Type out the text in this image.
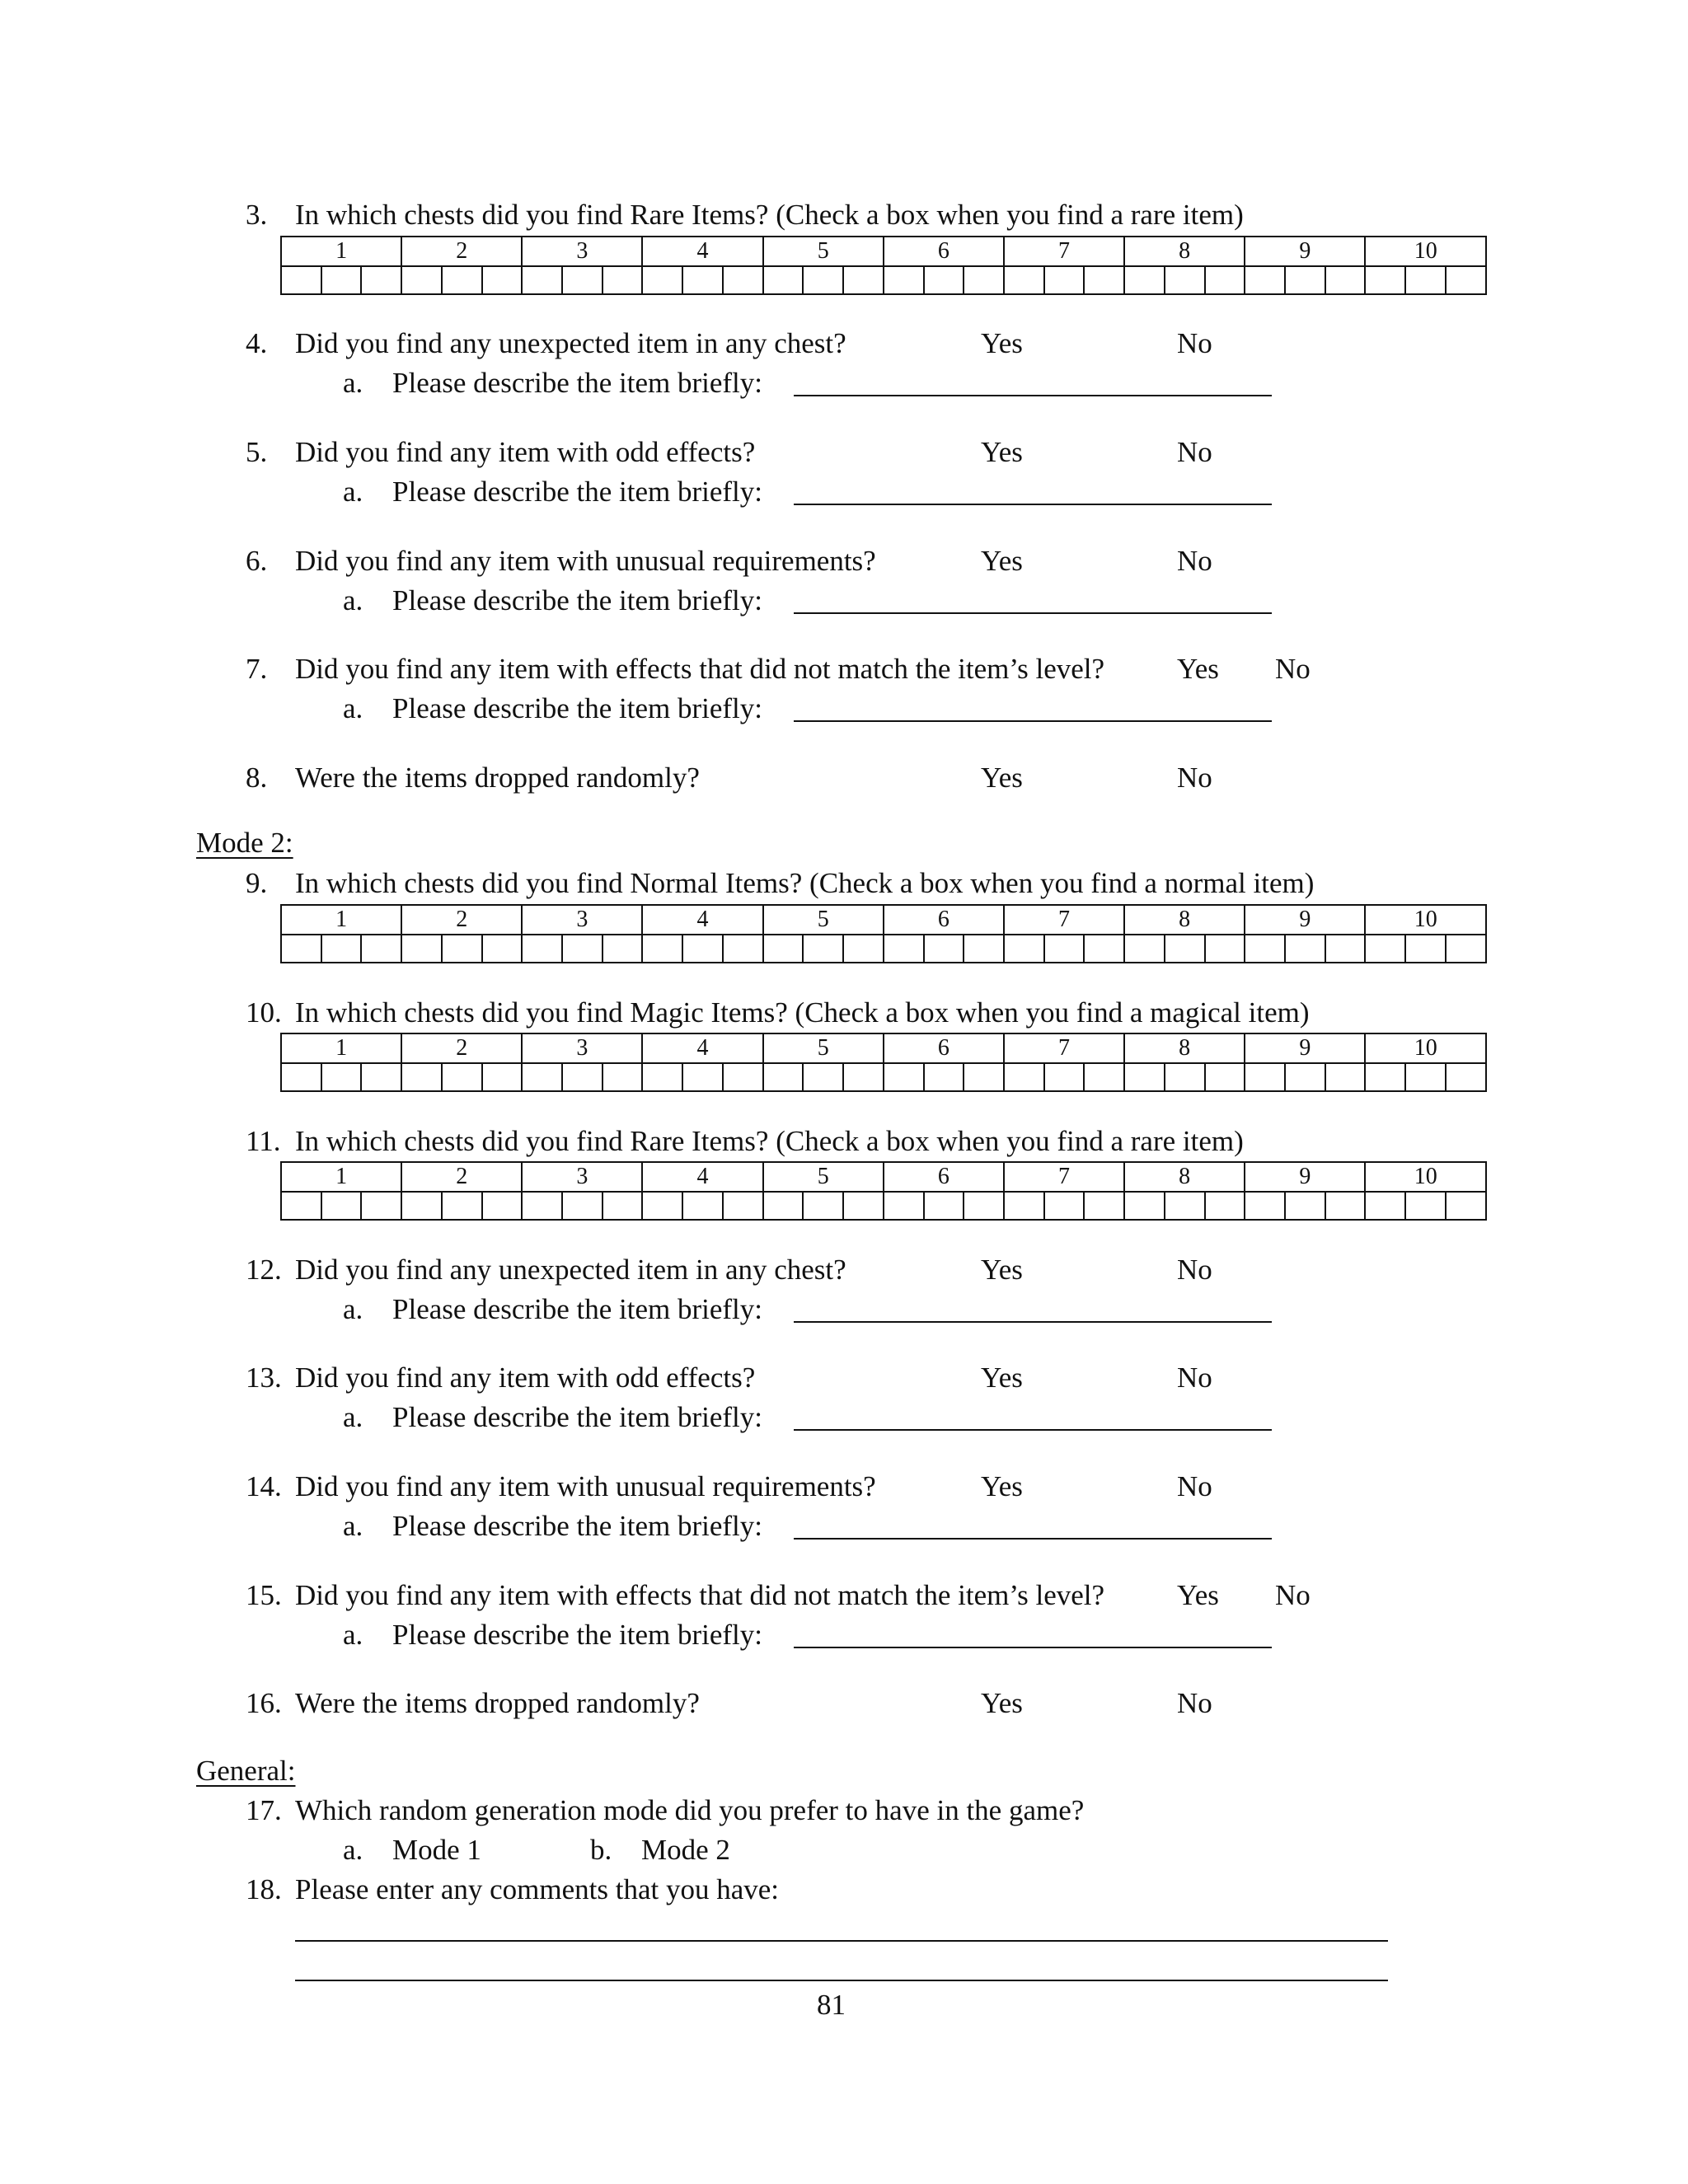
3. In which chests did you find Rare Items? (Check a box when you find a rare item)
1			2			3			4			5			6			7			8			9			10		

4. Did you find any unexpected item in any chest?	Yes	No
a. Please describe the item briefly:
5. Did you find any item with odd effects?	Yes	No
a. Please describe the item briefly:
6. Did you find any item with unusual requirements?	Yes	No
a. Please describe the item briefly:
7. Did you find any item with effects that did not match the item’s level?	Yes No
a. Please describe the item briefly:
8. Were the items dropped randomly?	Yes	No
Mode 2:
9. In which chests did you find Normal Items? (Check a box when you find a normal item)
1			2			3			4			5			6			7			8			9			10		

10. In which chests did you find Magic Items? (Check a box when you find a magical item)
1			2			3			4			5			6			7			8			9			10		

11. In which chests did you find Rare Items? (Check a box when you find a rare item)
1			2			3			4			5			6			7			8			9			10		

12. Did you find any unexpected item in any chest?	Yes	No
a. Please describe the item briefly:
13. Did you find any item with odd effects?	Yes	No
a. Please describe the item briefly:
14. Did you find any item with unusual requirements?	Yes	No
a. Please describe the item briefly:
15. Did you find any item with effects that did not match the item’s level?	Yes No
a. Please describe the item briefly:
16. Were the items dropped randomly?	Yes	No
General:
17. Which random generation mode did you prefer to have in the game?
a. Mode 1	b. Mode 2
18. Please enter any comments that you have:
81
